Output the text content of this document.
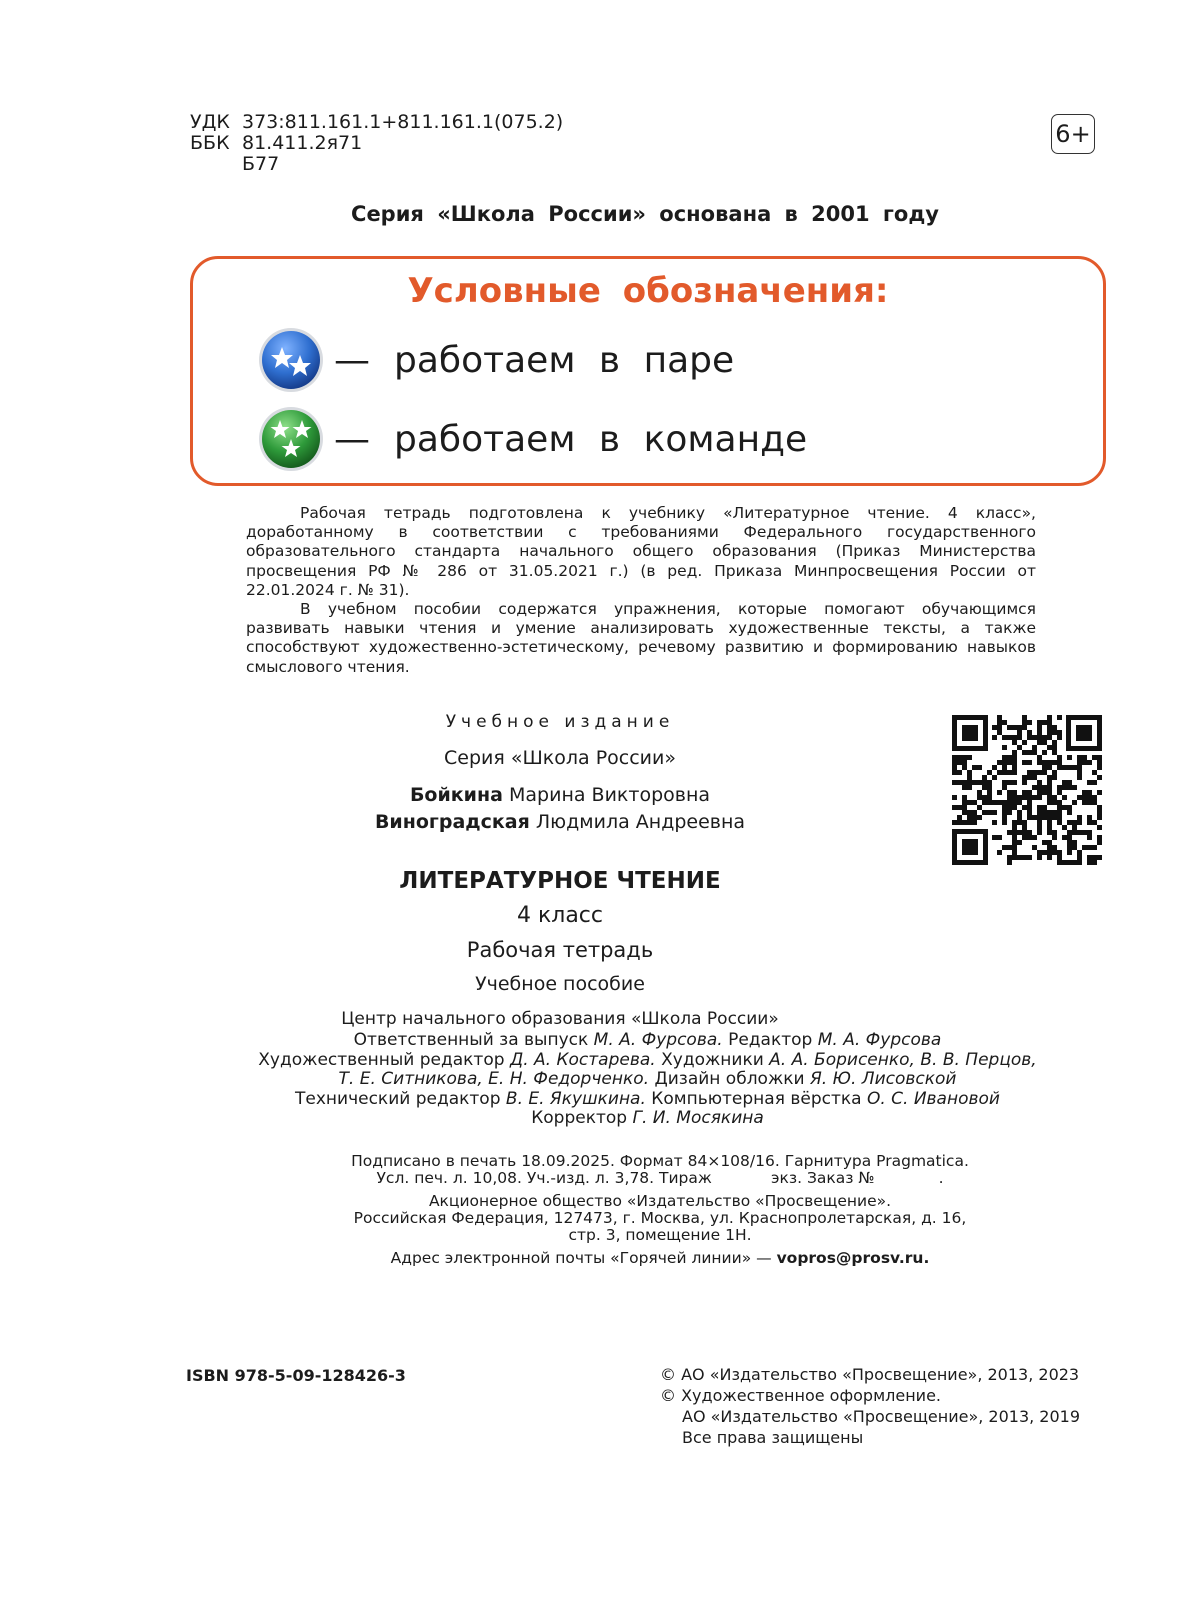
УДК 373:811.161.1+811.161.1(075.2)
ББК 81.411.2я71
Б77
6+
Серия «Школа России» основана в 2001 году
Условные обозначения:
— работаем в паре
— работаем в команде

Рабочая тетрадь подготовлена к учебнику «Литературное чтение. 4 класс», доработанному в соответствии с требованиями Федерального государственного образовательного стандарта начального общего образования (Приказ Министерства просвещения РФ № 286 от 31.05.2021 г.) (в ред. Приказа Минпросвещения России от 22.01.2024 г. № 31).

В учебном пособии содержатся упражнения, которые помогают обучающимся развивать навыки чтения и умение анализировать художественные тексты, а также способствуют художественно-эстетическому, речевому развитию и формированию навыков смыслового чтения.

Учебное издание
Серия «Школа России»
Бойкина Марина Викторовна
Виноградская Людмила Андреевна
ЛИТЕРАТУРНОЕ ЧТЕНИЕ
4 класс
Рабочая тетрадь
Учебное пособие
Центр начального образования «Школа России»
Ответственный за выпуск М. А. Фурсова. Редактор М. А. Фурсова
Художественный редактор Д. А. Костарева. Художники А. А. Борисенко, В. В. Перцов,
Т. Е. Ситникова, Е. Н. Федорченко. Дизайн обложки Я. Ю. Лисовской
Технический редактор В. Е. Якушкина. Компьютерная вёрстка О. С. Ивановой
Корректор Г. И. Мосякина
Подписано в печать 18.09.2025. Формат 84×108/16. Гарнитура Pragmatica.
Усл. печ. л. 10,08. Уч.-изд. л. 3,78. Тираж            экз. Заказ №             .
Акционерное общество «Издательство «Просвещение».
Российская Федерация, 127473, г. Москва, ул. Краснопролетарская, д. 16,
стр. 3, помещение 1Н.
Адрес электронной почты «Горячей линии» — vopros@prosv.ru.
ISBN 978-5-09-128426-3	© АО «Издательство «Просвещение», 2013, 2023
© Художественное оформление.
АО «Издательство «Просвещение», 2013, 2019
Все права защищены
